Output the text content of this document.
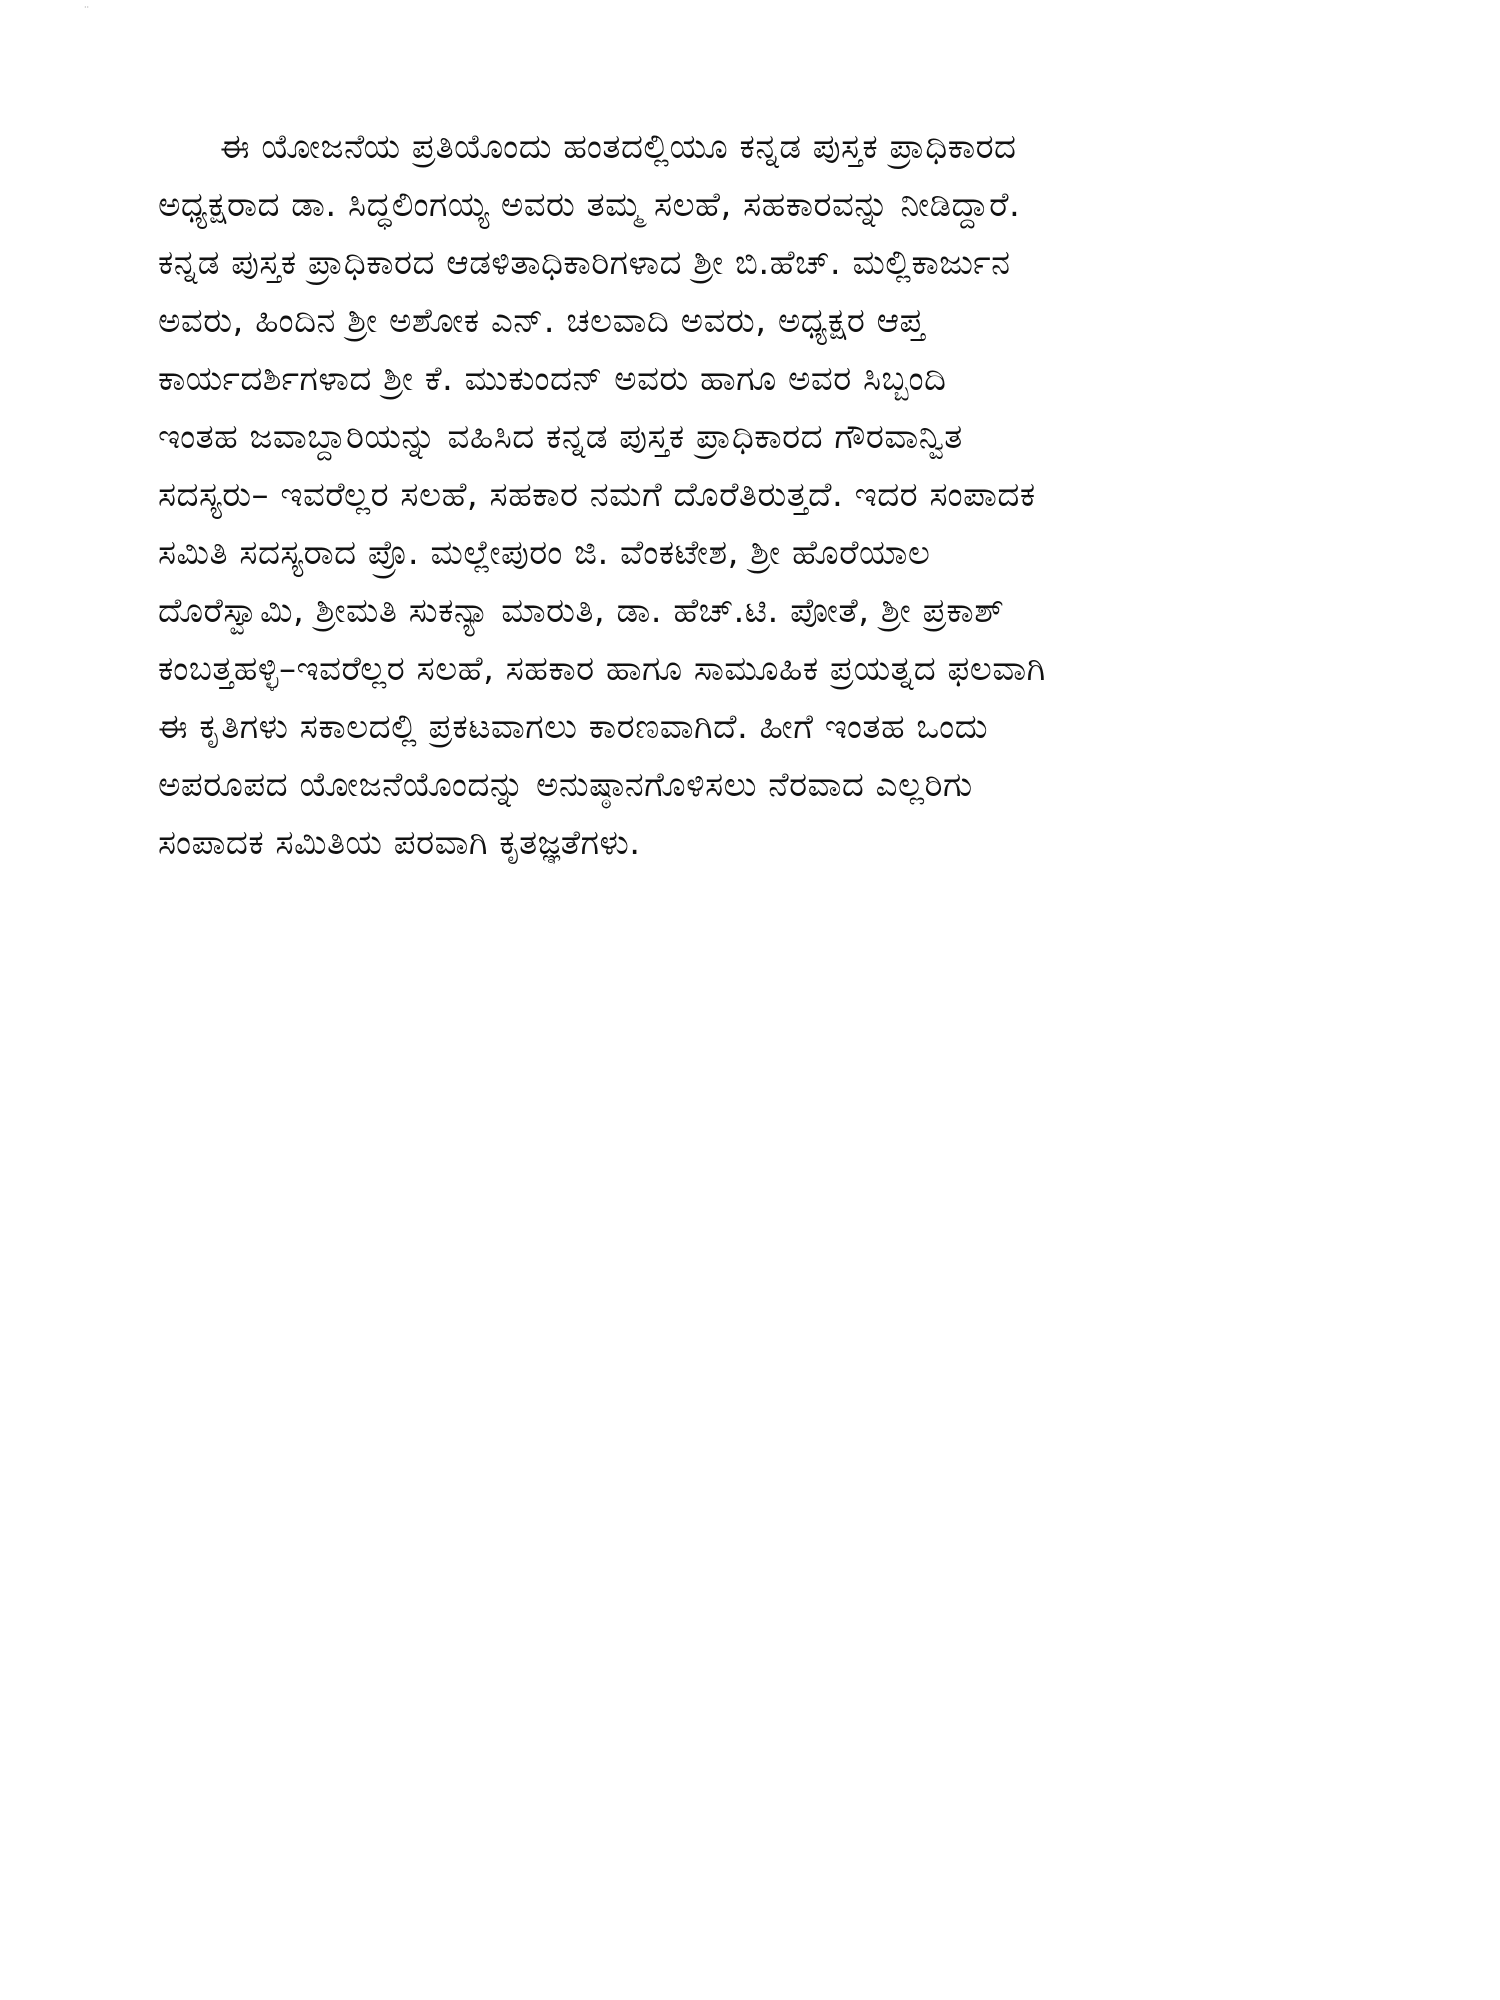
··
ಈ ಯೋಜನೆಯ ಪ್ರತಿಯೊಂದು ಹಂತದಲ್ಲಿಯೂ ಕನ್ನಡ ಪುಸ್ತಕ ಪ್ರಾಧಿಕಾರದ
ಅಧ್ಯಕ್ಷರಾದ ಡಾ. ಸಿದ್ಧಲಿಂಗಯ್ಯ ಅವರು ತಮ್ಮ ಸಲಹೆ, ಸಹಕಾರವನ್ನು ನೀಡಿದ್ದಾರೆ.
ಕನ್ನಡ ಪುಸ್ತಕ ಪ್ರಾಧಿಕಾರದ ಆಡಳಿತಾಧಿಕಾರಿಗಳಾದ ಶ್ರೀ ಬಿ.ಹೆಚ್. ಮಲ್ಲಿಕಾರ್ಜುನ
ಅವರು, ಹಿಂದಿನ ಶ್ರೀ ಅಶೋಕ ಎನ್. ಚಲವಾದಿ ಅವರು, ಅಧ್ಯಕ್ಷರ ಆಪ್ತ
ಕಾರ್ಯದರ್ಶಿಗಳಾದ ಶ್ರೀ ಕೆ. ಮುಕುಂದನ್ ಅವರು ಹಾಗೂ ಅವರ ಸಿಬ್ಬಂದಿ
ಇಂತಹ ಜವಾಬ್ದಾರಿಯನ್ನು ವಹಿಸಿದ ಕನ್ನಡ ಪುಸ್ತಕ ಪ್ರಾಧಿಕಾರದ ಗೌರವಾನ್ವಿತ
ಸದಸ್ಯರು– ಇವರೆಲ್ಲರ ಸಲಹೆ, ಸಹಕಾರ ನಮಗೆ ದೊರೆತಿರುತ್ತದೆ. ಇದರ ಸಂಪಾದಕ
ಸಮಿತಿ ಸದಸ್ಯರಾದ ಪ್ರೊ. ಮಲ್ಲೇಪುರಂ ಜಿ. ವೆಂಕಟೇಶ, ಶ್ರೀ ಹೊರೆಯಾಲ
ದೊರೆಸ್ವಾಮಿ, ಶ್ರೀಮತಿ ಸುಕನ್ಯಾ ಮಾರುತಿ, ಡಾ. ಹೆಚ್.ಟಿ. ಪೋತೆ, ಶ್ರೀ ಪ್ರಕಾಶ್
ಕಂಬತ್ತಹಳ್ಳಿ–ಇವರೆಲ್ಲರ ಸಲಹೆ, ಸಹಕಾರ ಹಾಗೂ ಸಾಮೂಹಿಕ ಪ್ರಯತ್ನದ ಫಲವಾಗಿ
ಈ ಕೃತಿಗಳು ಸಕಾಲದಲ್ಲಿ ಪ್ರಕಟವಾಗಲು ಕಾರಣವಾಗಿದೆ. ಹೀಗೆ ಇಂತಹ ಒಂದು
ಅಪರೂಪದ ಯೋಜನೆಯೊಂದನ್ನು ಅನುಷ್ಠಾನಗೊಳಿಸಲು ನೆರವಾದ ಎಲ್ಲರಿಗು
ಸಂಪಾದಕ ಸಮಿತಿಯ ಪರವಾಗಿ ಕೃತಜ್ಞತೆಗಳು.
